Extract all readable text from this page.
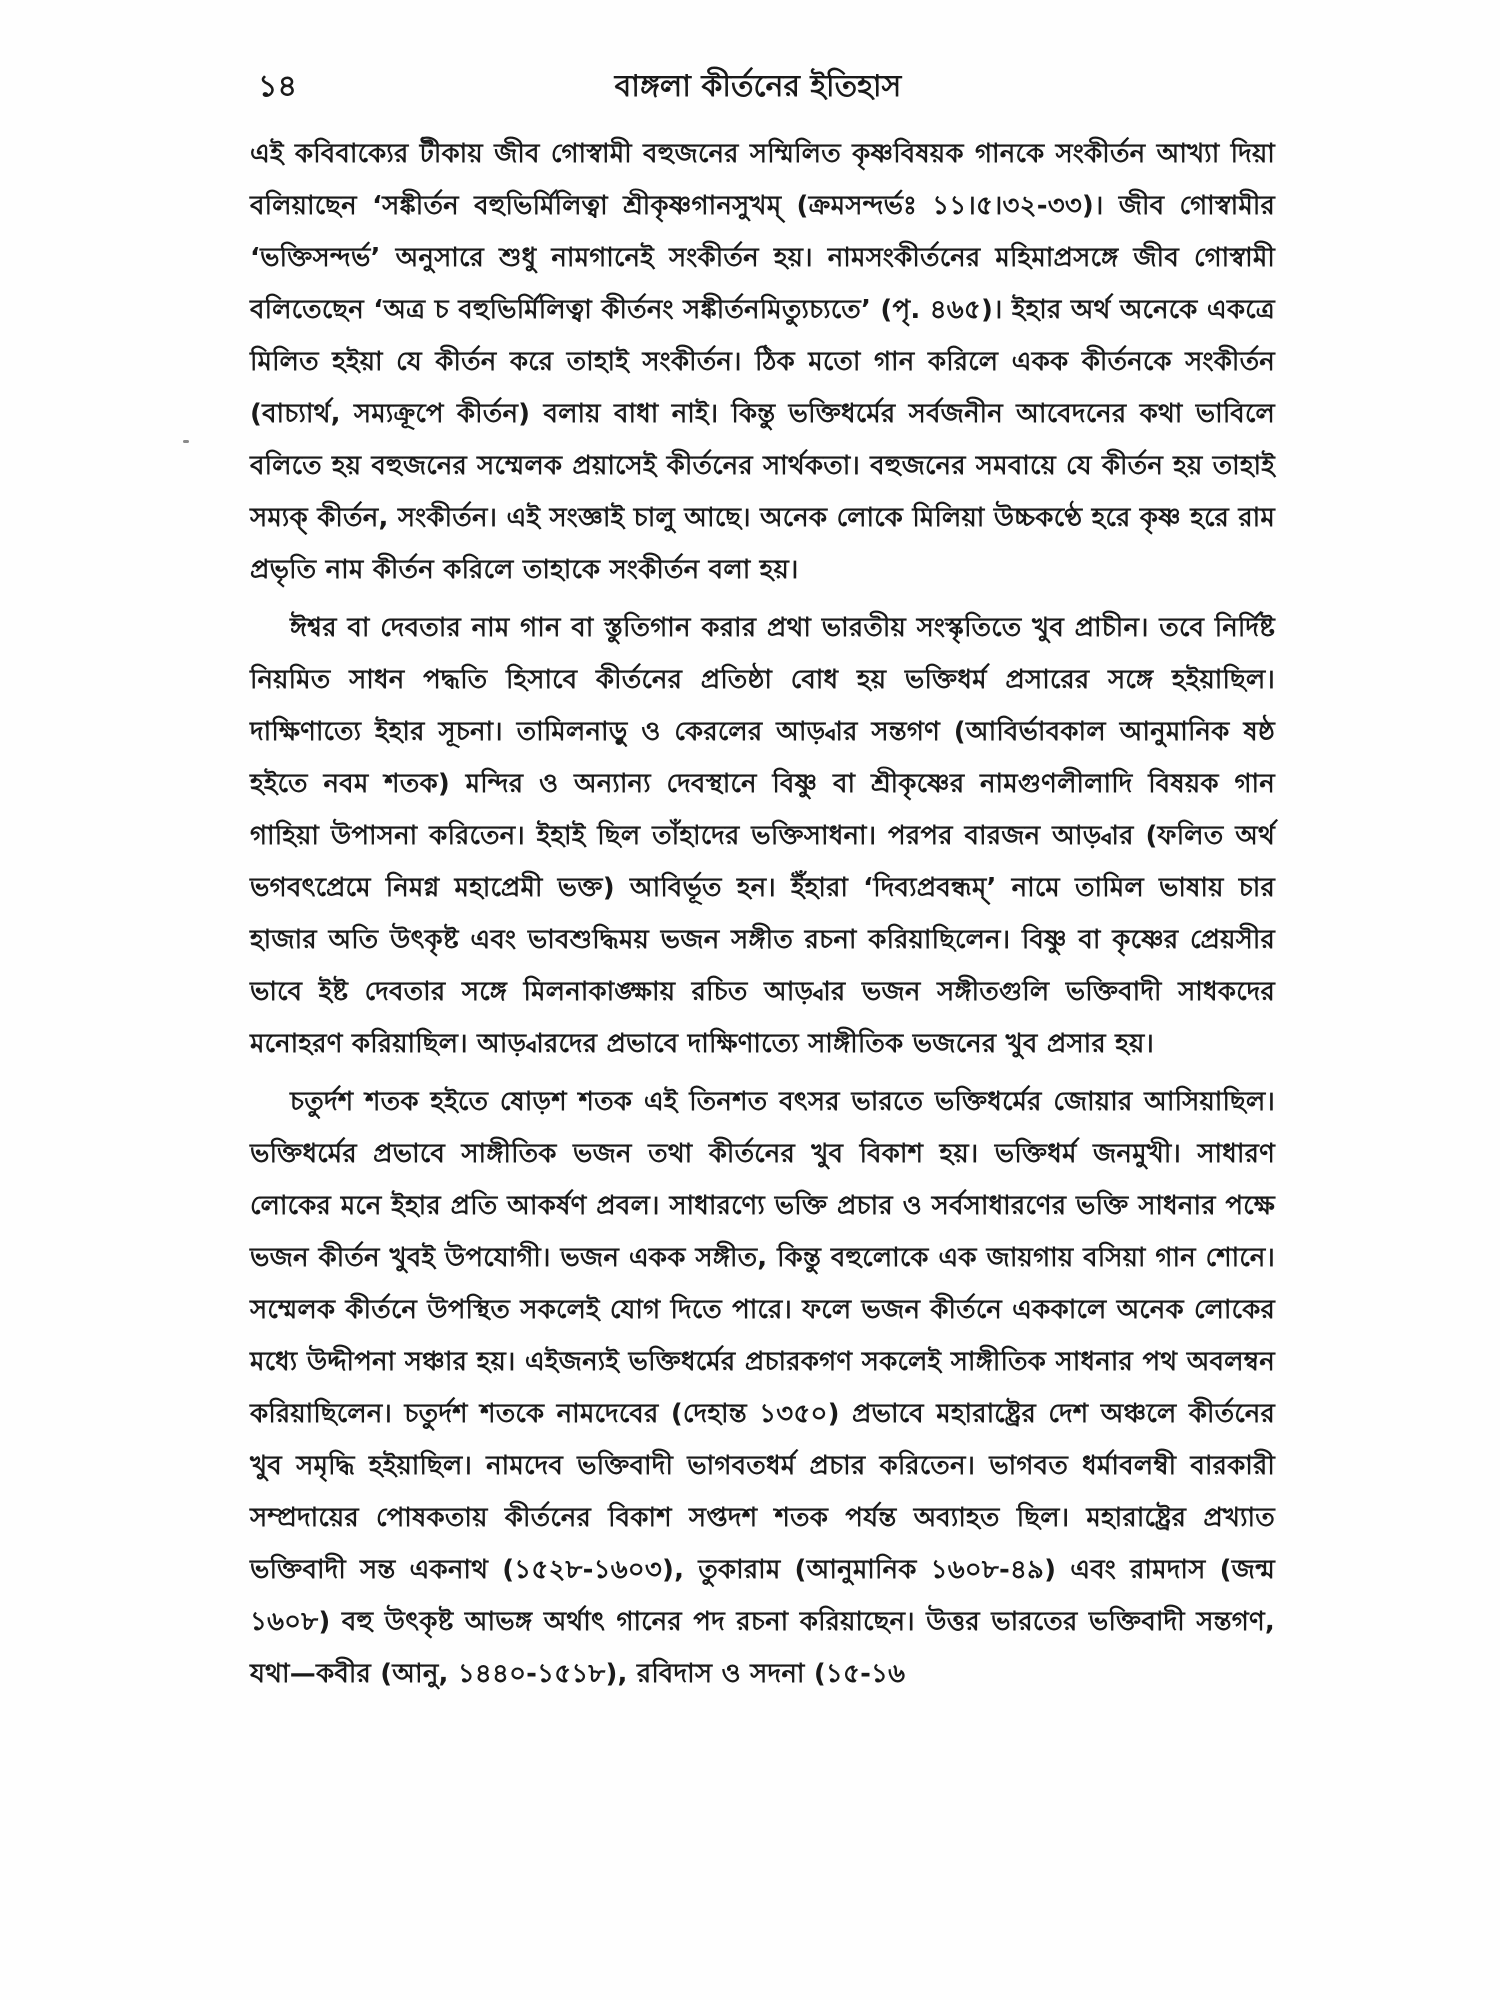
১৪	বাঙ্গলা কীর্তনের ইতিহাস

এই কবিবাক্যের টীকায় জীব গোস্বামী বহুজনের সম্মিলিত কৃষ্ণবিষয়ক গানকে সংকীর্তন আখ্যা দিয়া বলিয়াছেন ‘সঙ্কীর্তন বহুভির্মিলিত্বা শ্রীকৃষ্ণগানসুখম্ (ক্রমসন্দর্ভঃ ১১।৫।৩২-৩৩)। জীব গোস্বামীর ‘ভক্তিসন্দর্ভ’ অনুসারে শুধু নামগানেই সংকীর্তন হয়। নামসংকীর্তনের মহিমাপ্রসঙ্গে জীব গোস্বামী বলিতেছেন ‘অত্র চ বহুভির্মিলিত্বা কীর্তনং সঙ্কীর্তনমিত্যুচ্যতে’ (পৃ. ৪৬৫)। ইহার অর্থ অনেকে একত্রে মিলিত হইয়া যে কীর্তন করে তাহাই সংকীর্তন। ঠিক মতো গান করিলে একক কীর্তনকে সংকীর্তন (বাচ্যার্থ, সম্যক্রূপে কীর্তন) বলায় বাধা নাই। কিন্তু ভক্তিধর্মের সর্বজনীন আবেদনের কথা ভাবিলে বলিতে হয় বহুজনের সম্মেলক প্রয়াসেই কীর্তনের সার্থকতা। বহুজনের সমবায়ে যে কীর্তন হয় তাহাই সম্যক্ কীর্তন, সংকীর্তন। এই সংজ্ঞাই চালু আছে। অনেক লোকে মিলিয়া উচ্চকণ্ঠে হরে কৃষ্ণ হরে রাম প্রভৃতি নাম কীর্তন করিলে তাহাকে সংকীর্তন বলা হয়।

ঈশ্বর বা দেবতার নাম গান বা স্তুতিগান করার প্রথা ভারতীয় সংস্কৃতিতে খুব প্রাচীন। তবে নির্দিষ্ট নিয়মিত সাধন পদ্ধতি হিসাবে কীর্তনের প্রতিষ্ঠা বোধ হয় ভক্তিধর্ম প্রসারের সঙ্গে হইয়াছিল। দাক্ষিণাত্যে ইহার সূচনা। তামিলনাড়ু ও কেরলের আড়্বার সন্তগণ (আবির্ভাবকাল আনুমানিক ষষ্ঠ হইতে নবম শতক) মন্দির ও অন্যান্য দেবস্থানে বিষ্ণু বা শ্রীকৃষ্ণের নামগুণলীলাদি বিষয়ক গান গাহিয়া উপাসনা করিতেন। ইহাই ছিল তাঁহাদের ভক্তিসাধনা। পরপর বারজন আড়্বার (ফলিত অর্থ ভগবৎপ্রেমে নিমগ্ন মহাপ্রেমী ভক্ত) আবির্ভূত হন। ইঁহারা ‘দিব্যপ্রবন্ধম্’ নামে তামিল ভাষায় চার হাজার অতি উৎকৃষ্ট এবং ভাবশুদ্ধিময় ভজন সঙ্গীত রচনা করিয়াছিলেন। বিষ্ণু বা কৃষ্ণের প্রেয়সীর ভাবে ইষ্ট দেবতার সঙ্গে মিলনাকাঙ্ক্ষায় রচিত আড়্বার ভজন সঙ্গীতগুলি ভক্তিবাদী সাধকদের মনোহরণ করিয়াছিল। আড়্বারদের প্রভাবে দাক্ষিণাত্যে সাঙ্গীতিক ভজনের খুব প্রসার হয়।

চতুর্দশ শতক হইতে ষোড়শ শতক এই তিনশত বৎসর ভারতে ভক্তিধর্মের জোয়ার আসিয়াছিল। ভক্তিধর্মের প্রভাবে সাঙ্গীতিক ভজন তথা কীর্তনের খুব বিকাশ হয়। ভক্তিধর্ম জনমুখী। সাধারণ লোকের মনে ইহার প্রতি আকর্ষণ প্রবল। সাধারণ্যে ভক্তি প্রচার ও সর্বসাধারণের ভক্তি সাধনার পক্ষে ভজন কীর্তন খুবই উপযোগী। ভজন একক সঙ্গীত, কিন্তু বহুলোকে এক জায়গায় বসিয়া গান শোনে। সম্মেলক কীর্তনে উপস্থিত সকলেই যোগ দিতে পারে। ফলে ভজন কীর্তনে এককালে অনেক লোকের মধ্যে উদ্দীপনা সঞ্চার হয়। এইজন্যই ভক্তিধর্মের প্রচারকগণ সকলেই সাঙ্গীতিক সাধনার পথ অবলম্বন করিয়াছিলেন। চতুর্দশ শতকে নামদেবের (দেহান্ত ১৩৫০) প্রভাবে মহারাষ্ট্রের দেশ অঞ্চলে কীর্তনের খুব সমৃদ্ধি হইয়াছিল। নামদেব ভক্তিবাদী ভাগবতধর্ম প্রচার করিতেন। ভাগবত ধর্মাবলম্বী বারকারী সম্প্রদায়ের পোষকতায় কীর্তনের বিকাশ সপ্তদশ শতক পর্যন্ত অব্যাহত ছিল। মহারাষ্ট্রের প্রখ্যাত ভক্তিবাদী সন্ত একনাথ (১৫২৮-১৬০৩), তুকারাম (আনুমানিক ১৬০৮-৪৯) এবং রামদাস (জন্ম ১৬০৮) বহু উৎকৃষ্ট আভঙ্গ অর্থাৎ গানের পদ রচনা করিয়াছেন। উত্তর ভারতের ভক্তিবাদী সন্তগণ, যথা—কবীর (আনু, ১৪৪০-১৫১৮), রবিদাস ও সদনা (১৫-১৬
